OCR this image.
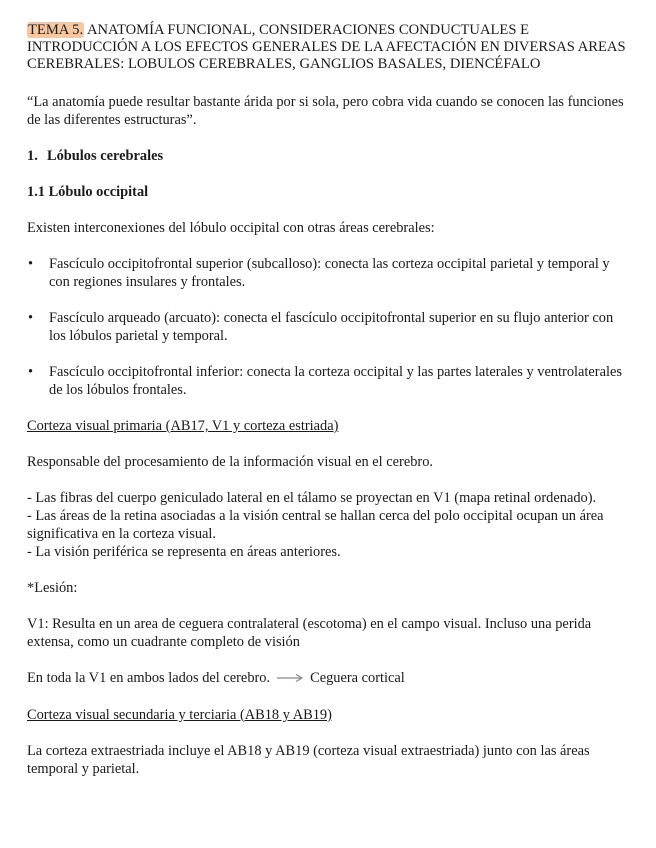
TEMA 5. ANATOMÍA FUNCIONAL, CONSIDERACIONES CONDUCTUALES E INTRODUCCIÓN A LOS EFECTOS GENERALES DE LA AFECTACIÓN EN DIVERSAS AREAS CEREBRALES: LOBULOS CEREBRALES, GANGLIOS BASALES, DIENCÉFALO

“La anatomía puede resultar bastante árida por si sola, pero cobra vida cuando se conocen las funciones de las diferentes estructuras”.

1. Lóbulos cerebrales
1.1 Lóbulo occipital

Existen interconexiones del lóbulo occipital con otras áreas cerebrales:

• Fascículo occipitofrontal superior (subcalloso): conecta las corteza occipital parietal y temporal y con regiones insulares y frontales.
• Fascículo arqueado (arcuato): conecta el fascículo occipitofrontal superior en su flujo anterior con los lóbulos parietal y temporal.
• Fascículo occipitofrontal inferior: conecta la corteza occipital y las partes laterales y ventrolaterales de los lóbulos frontales.

Corteza visual primaria (AB17, V1 y corteza estriada)

Responsable del procesamiento de la información visual en el cerebro.

- Las fibras del cuerpo geniculado lateral en el tálamo se proyectan en V1 (mapa retinal ordenado).
- Las áreas de la retina asociadas a la visión central se hallan cerca del polo occipital ocupan un área significativa en la corteza visual.
- La visión periférica se representa en áreas anteriores.

*Lesión:

V1: Resulta en un area de ceguera contralateral (escotoma) en el campo visual. Incluso una perida extensa, como un cuadrante completo de visión

En toda la V1 en ambos lados del cerebro.	Ceguera cortical

Corteza visual secundaria y terciaria (AB18 y AB19)

La corteza extraestriada incluye el AB18 y AB19 (corteza visual extraestriada) junto con las áreas temporal y parietal.
